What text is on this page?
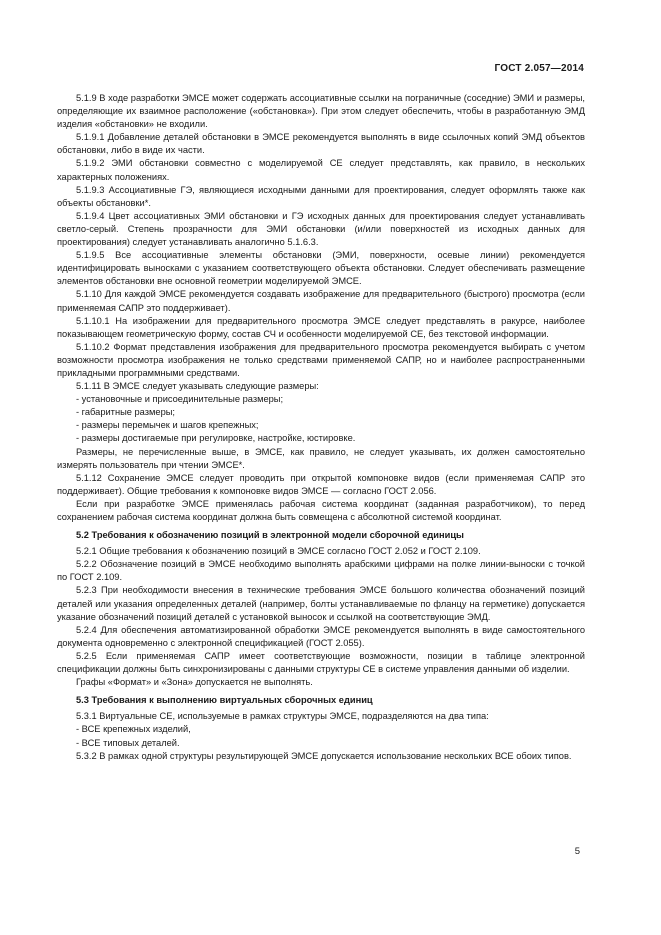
ГОСТ 2.057—2014

5.1.9 В ходе разработки ЭМСЕ может содержать ассоциативные ссылки на пограничные (соседние) ЭМИ и размеры, определяющие их взаимное расположение («обстановка»). При этом следует обеспечить, чтобы в разработанную ЭМД изделия «обстановки» не входили.

5.1.9.1 Добавление деталей обстановки в ЭМСЕ рекомендуется выполнять в виде ссылочных копий ЭМД объектов обстановки, либо в виде их части.

5.1.9.2 ЭМИ обстановки совместно с моделируемой СЕ следует представлять, как правило, в нескольких характерных положениях.

5.1.9.3 Ассоциативные ГЭ, являющиеся исходными данными для проектирования, следует оформлять также как объекты обстановки*.

5.1.9.4 Цвет ассоциативных ЭМИ обстановки и ГЭ исходных данных для проектирования следует устанавливать светло-серый. Степень прозрачности для ЭМИ обстановки (и/или поверхностей из исходных данных для проектирования) следует устанавливать аналогично 5.1.6.3.

5.1.9.5 Все ассоциативные элементы обстановки (ЭМИ, поверхности, осевые линии) рекомендуется идентифицировать выносками с указанием соответствующего объекта обстановки. Следует обеспечивать размещение элементов обстановки вне основной геометрии моделируемой ЭМСЕ.

5.1.10 Для каждой ЭМСЕ рекомендуется создавать изображение для предварительного (быстрого) просмотра (если применяемая САПР это поддерживает).

5.1.10.1 На изображении для предварительного просмотра ЭМСЕ следует представлять в ракурсе, наиболее показывающем геометрическую форму, состав СЧ и особенности моделируемой СЕ, без текстовой информации.

5.1.10.2 Формат представления изображения для предварительного просмотра рекомендуется выбирать с учетом возможности просмотра изображения не только средствами применяемой САПР, но и наиболее распространенными прикладными программными средствами.

5.1.11 В ЭМСЕ следует указывать следующие размеры:

- установочные и присоединительные размеры;

- габаритные размеры;

- размеры перемычек и шагов крепежных;

- размеры достигаемые при регулировке, настройке, юстировке.

Размеры, не перечисленные выше, в ЭМСЕ, как правило, не следует указывать, их должен самостоятельно измерять пользователь при чтении ЭМСЕ*.

5.1.12 Сохранение ЭМСЕ следует проводить при открытой компоновке видов (если применяемая САПР это поддерживает). Общие требования к компоновке видов ЭМСЕ — согласно ГОСТ 2.056.

Если при разработке ЭМСЕ применялась рабочая система координат (заданная разработчиком), то перед сохранением рабочая система координат должна быть совмещена с абсолютной системой координат.

5.2 Требования к обозначению позиций в электронной модели сборочной единицы

5.2.1 Общие требования к обозначению позиций в ЭМСЕ согласно ГОСТ 2.052 и ГОСТ 2.109.

5.2.2 Обозначение позиций в ЭМСЕ необходимо выполнять арабскими цифрами на полке линии-выноски с точкой по ГОСТ 2.109.

5.2.3 При необходимости внесения в технические требования ЭМСЕ большого количества обозначений позиций деталей или указания определенных деталей (например, болты устанавливаемые по фланцу на герметике) допускается указание обозначений позиций деталей с установкой выносок и ссылкой на соответствующие ЭМД.

5.2.4 Для обеспечения автоматизированной обработки ЭМСЕ рекомендуется выполнять в виде самостоятельного документа одновременно с электронной спецификацией (ГОСТ 2.055).

5.2.5 Если применяемая САПР имеет соответствующие возможности, позиции в таблице электронной спецификации должны быть синхронизированы с данными структуры СЕ в системе управления данными об изделии.

Графы «Формат» и «Зона» допускается не выполнять.

5.3 Требования к выполнению виртуальных сборочных единиц

5.3.1 Виртуальные СЕ, используемые в рамках структуры ЭМСЕ, подразделяются на два типа:

- ВСЕ крепежных изделий,

- ВСЕ типовых деталей.

5.3.2 В рамках одной структуры результирующей ЭМСЕ допускается использование нескольких ВСЕ обоих типов.

5
